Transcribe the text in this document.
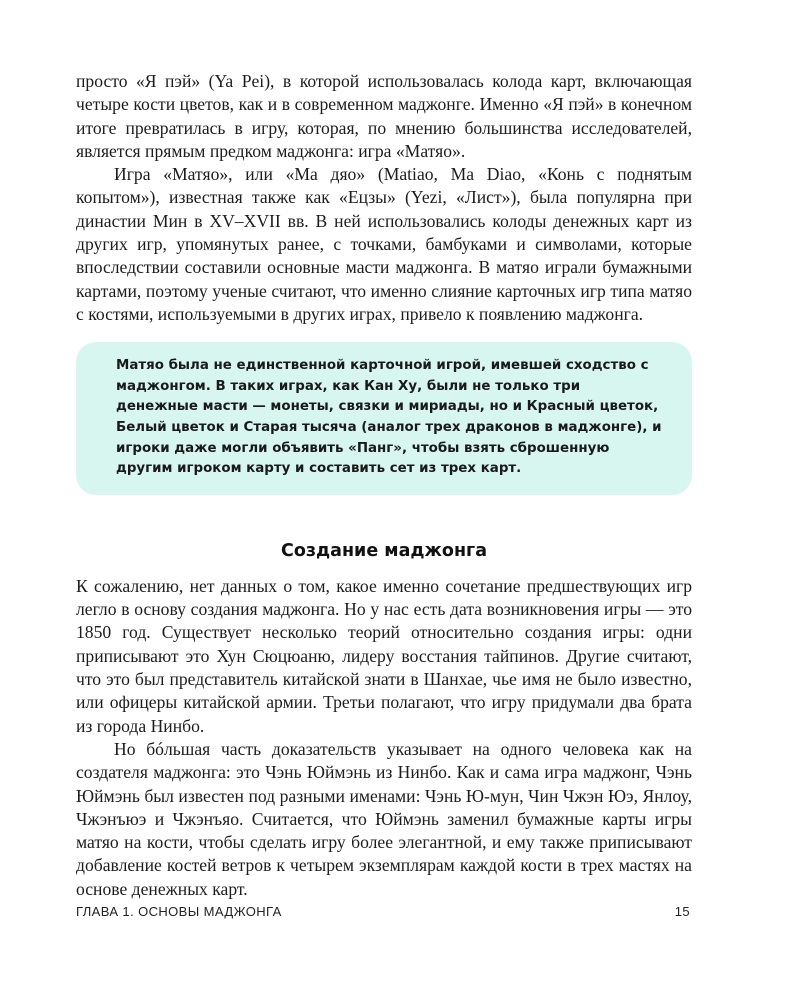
просто «Я пэй» (Ya Pei), в которой использовалась колода карт, включающая четыре кости цветов, как и в современном маджонге. Именно «Я пэй» в конечном итоге превратилась в игру, которая, по мнению большинства исследователей, является прямым предком маджонга: игра «Матяо».

Игра «Матяо», или «Ма дяо» (Matiao, Ma Diao, «Конь с поднятым копытом»), известная также как «Ецзы» (Yezi, «Лист»), была популярна при династии Мин в XV–XVII вв. В ней использовались колоды денежных карт из других игр, упомянутых ранее, с точками, бамбуками и символами, которые впоследствии составили основные масти маджонга. В матяо играли бумажными картами, поэтому ученые считают, что именно слияние карточных игр типа матяо с костями, используемыми в других играх, привело к появлению маджонга.

Матяо была не единственной карточной игрой, имевшей сходство с маджонгом. В таких играх, как Кан Ху, были не только три денежные масти — монеты, связки и мириады, но и Красный цветок, Белый цветок и Старая тысяча (аналог трех драконов в маджонге), и игроки даже могли объявить «Панг», чтобы взять сброшенную другим игроком карту и составить сет из трех карт.

Создание маджонга

К сожалению, нет данных о том, какое именно сочетание предшествующих игр легло в основу создания маджонга. Но у нас есть дата возникновения игры — это 1850 год. Существует несколько теорий относительно создания игры: одни приписывают это Хун Сюцюаню, лидеру восстания тайпинов. Другие считают, что это был представитель китайской знати в Шанхае, чье имя не было известно, или офицеры китайской армии. Третьи полагают, что игру придумали два брата из города Нинбо.

Но бóльшая часть доказательств указывает на одного человека как на создателя маджонга: это Чэнь Юймэнь из Нинбо. Как и сама игра маджонг, Чэнь Юймэнь был известен под разными именами: Чэнь Ю-мун, Чин Чжэн Юэ, Янлоу, Чжэнъюэ и Чжэнъяо. Считается, что Юймэнь заменил бумажные карты игры матяо на кости, чтобы сделать игру более элегантной, и ему также приписывают добавление костей ветров к четырем экземплярам каждой кости в трех мастях на основе денежных карт.

ГЛАВА 1. ОСНОВЫ МАДЖОНГА	15
